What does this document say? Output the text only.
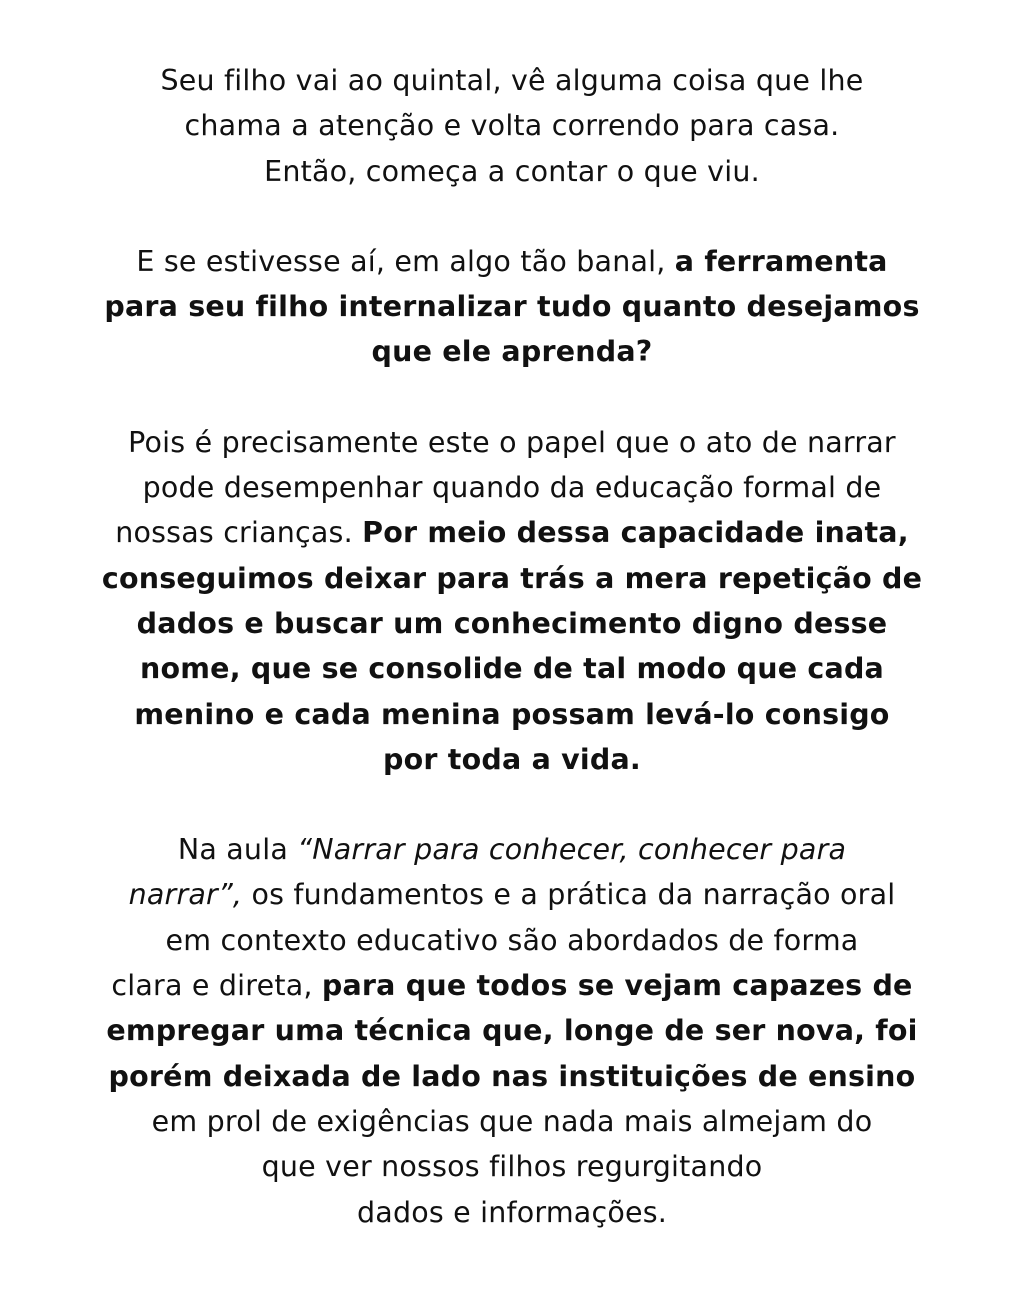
Seu filho vai ao quintal, vê alguma coisa que lhe
chama a atenção e volta correndo para casa.
Então, começa a contar o que viu.

E se estivesse aí, em algo tão banal, a ferramenta
para seu filho internalizar tudo quanto desejamos
que ele aprenda?

Pois é precisamente este o papel que o ato de narrar
pode desempenhar quando da educação formal de
nossas crianças. Por meio dessa capacidade inata,
conseguimos deixar para trás a mera repetição de
dados e buscar um conhecimento digno desse
nome, que se consolide de tal modo que cada
menino e cada menina possam levá-lo consigo
por toda a vida.

Na aula “Narrar para conhecer, conhecer para
narrar”, os fundamentos e a prática da narração oral
em contexto educativo são abordados de forma
clara e direta, para que todos se vejam capazes de
empregar uma técnica que, longe de ser nova, foi
porém deixada de lado nas instituições de ensino
em prol de exigências que nada mais almejam do
que ver nossos filhos regurgitando
dados e informações.
